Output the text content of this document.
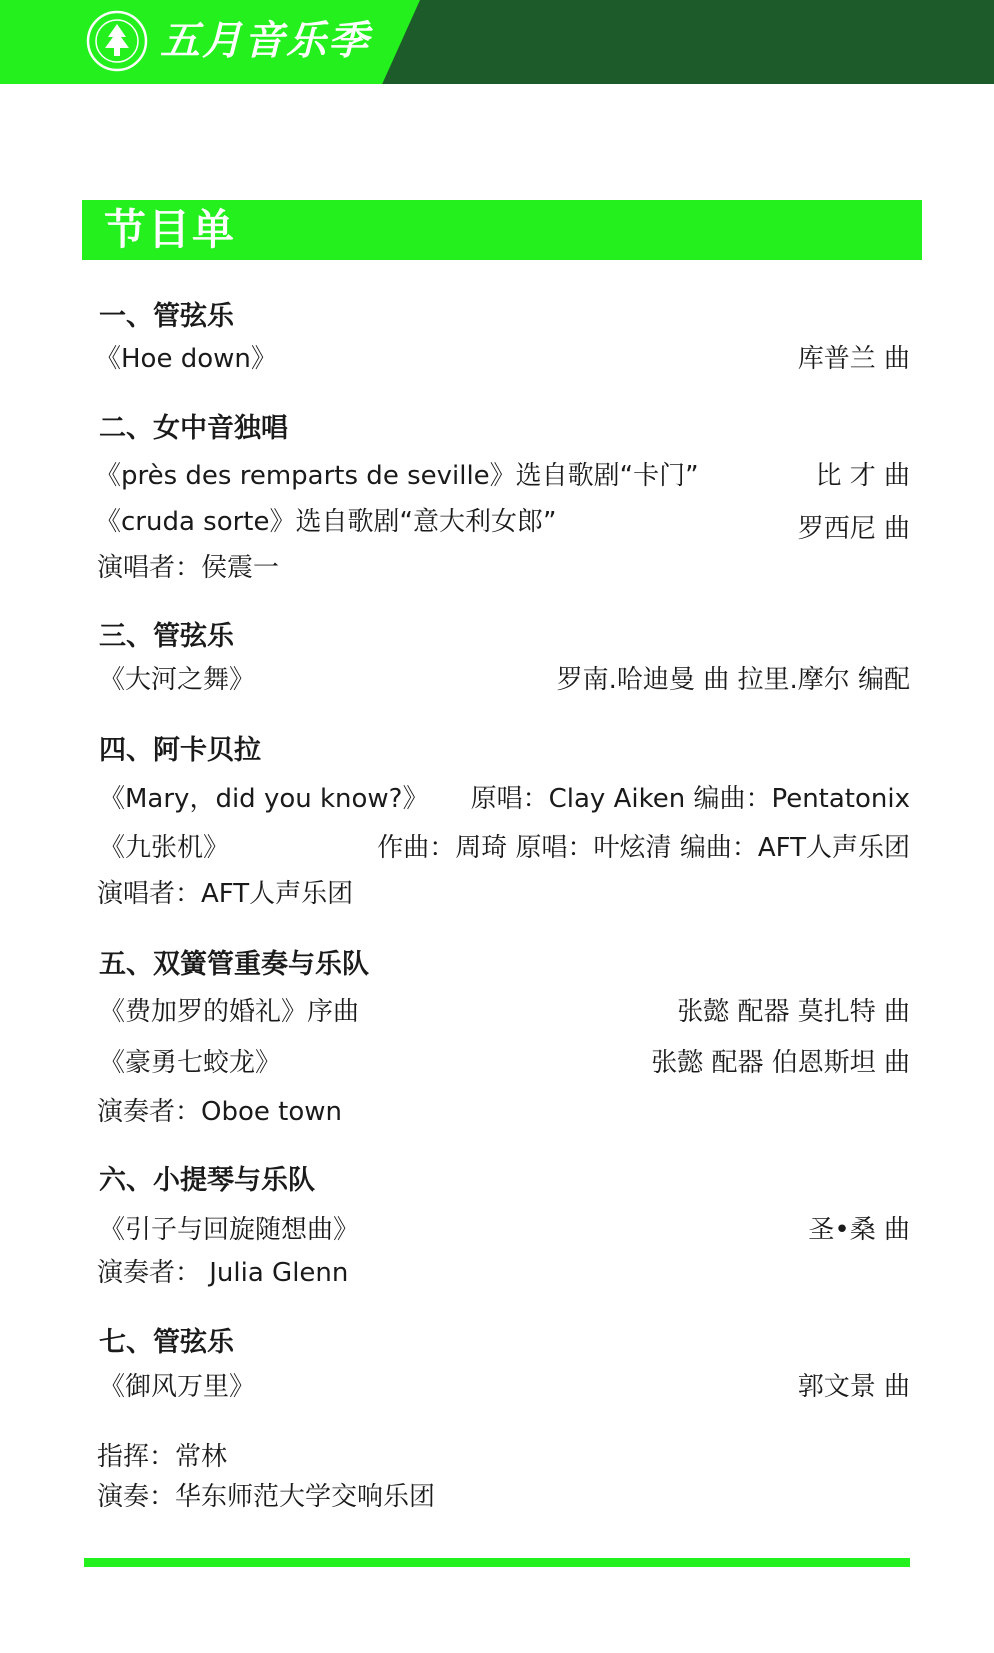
五月音乐季
节目单
一、管弦乐
《Hoe down》	库普兰 曲
二、女中音独唱
《près des remparts de seville》选自歌剧“卡门”	比 才 曲
《cruda sorte》选自歌剧“意大利女郎”	罗西尼 曲
演唱者：侯震一
三、管弦乐
《大河之舞》	罗南.哈迪曼 曲 拉里.摩尔 编配
四、阿卡贝拉
《Mary，did you know?》 原唱：Clay Aiken 编曲：Pentatonix
《九张机》	作曲：周琦 原唱：叶炫清 编曲：AFT人声乐团
演唱者：AFT人声乐团
五、双簧管重奏与乐队
《费加罗的婚礼》序曲	张懿 配器 莫扎特 曲
《豪勇七蛟龙》	张懿 配器 伯恩斯坦 曲
演奏者：Oboe town
六、小提琴与乐队
《引子与回旋随想曲》	圣•桑 曲
演奏者： Julia Glenn
七、管弦乐
《御风万里》	郭文景 曲
指挥：常林
演奏：华东师范大学交响乐团
